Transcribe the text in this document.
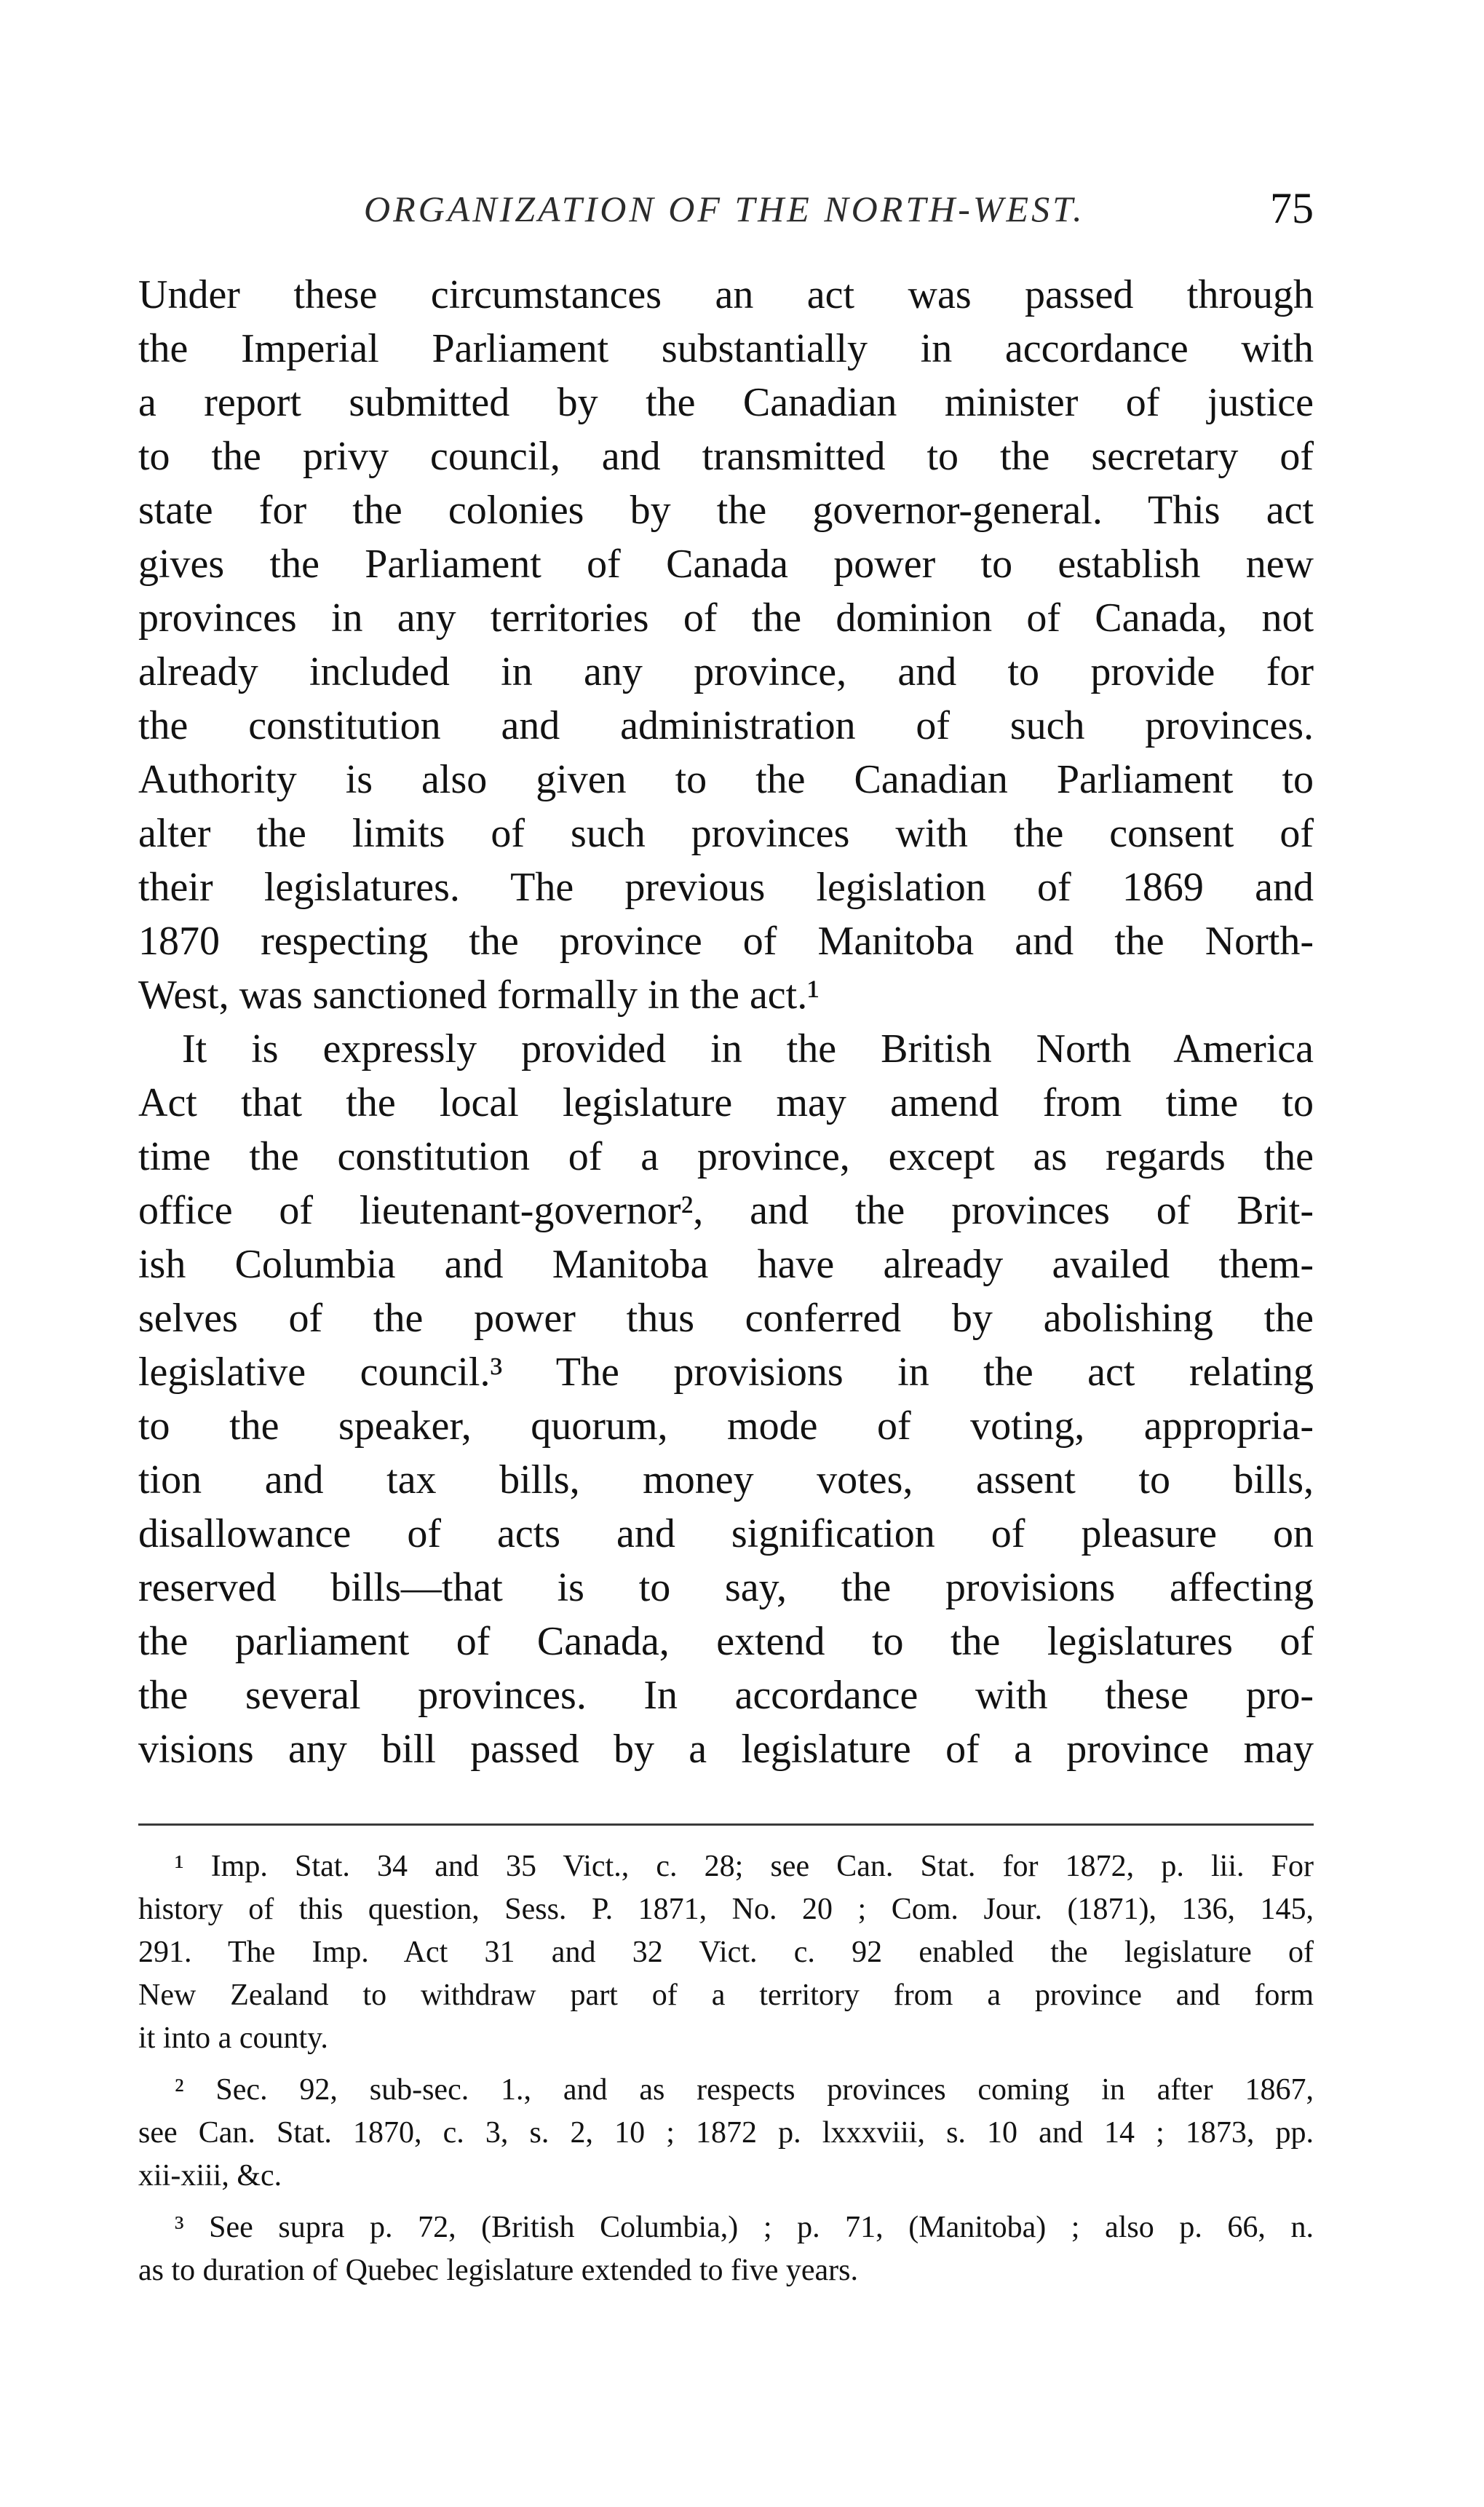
ORGANIZATION OF THE NORTH-WEST.	75
Under these circumstances an act was passed through
the Imperial Parliament substantially in accordance with
a report submitted by the Canadian minister of justice
to the privy council, and transmitted to the secretary of
state for the colonies by the governor-general. This act
gives the Parliament of Canada power to establish new
provinces in any territories of the dominion of Canada, not
already included in any province, and to provide for
the constitution and administration of such provinces.
Authority is also given to the Canadian Parliament to
alter the limits of such provinces with the consent of
their legislatures. The previous legislation of 1869 and
1870 respecting the province of Manitoba and the North-
West, was sanctioned formally in the act.¹
It is expressly provided in the British North America
Act that the local legislature may amend from time to
time the constitution of a province, except as regards the
office of lieutenant-governor², and the provinces of Brit-
ish Columbia and Manitoba have already availed them-
selves of the power thus conferred by abolishing the
legislative council.³ The provisions in the act relating
to the speaker, quorum, mode of voting, appropria-
tion and tax bills, money votes, assent to bills,
disallowance of acts and signification of pleasure on
reserved bills—that is to say, the provisions affecting
the parliament of Canada, extend to the legislatures of
the several provinces. In accordance with these pro-
visions any bill passed by a legislature of a province may
¹ Imp. Stat. 34 and 35 Vict., c. 28; see Can. Stat. for 1872, p. lii. For
history of this question, Sess. P. 1871, No. 20 ; Com. Jour. (1871), 136, 145,
291. The Imp. Act 31 and 32 Vict. c. 92 enabled the legislature of
New Zealand to withdraw part of a territory from a province and form
it into a county.
² Sec. 92, sub-sec. 1., and as respects provinces coming in after 1867,
see Can. Stat. 1870, c. 3, s. 2, 10 ; 1872 p. lxxxviii, s. 10 and 14 ; 1873, pp.
xii-xiii, &c.
³ See supra p. 72, (British Columbia,) ; p. 71, (Manitoba) ; also p. 66, n.
as to duration of Quebec legislature extended to five years.
